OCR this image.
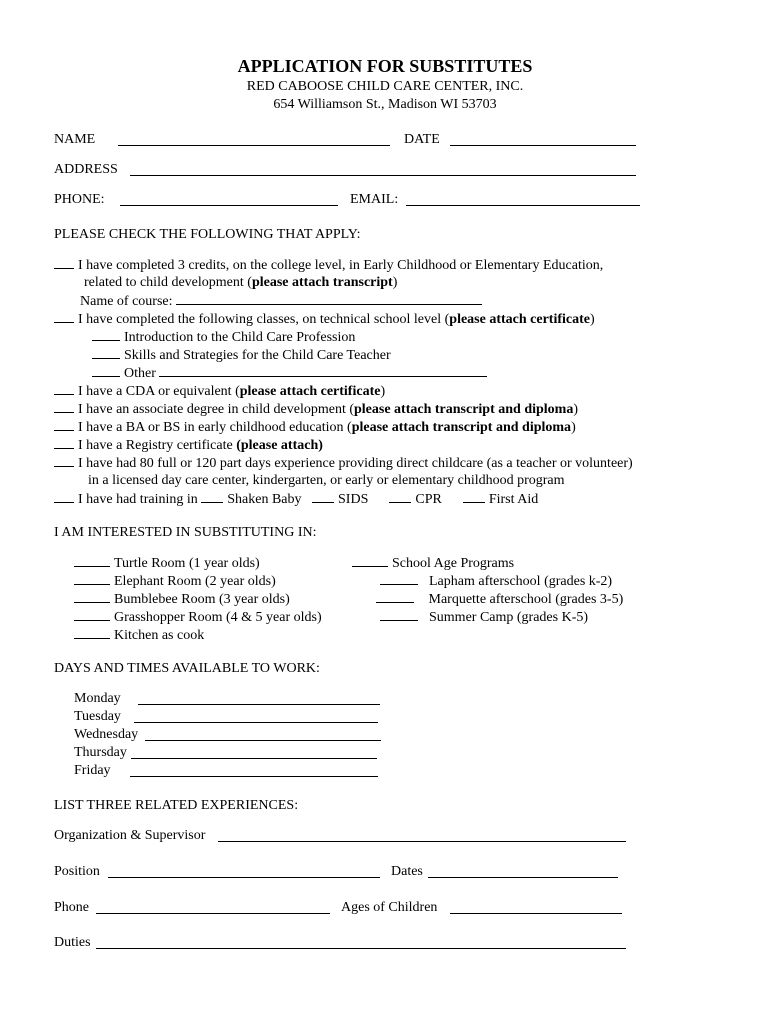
APPLICATION FOR SUBSTITUTES
RED CABOOSE CHILD CARE CENTER, INC.
654 Williamson St., Madison WI 53703
NAME	DATE
ADDRESS
PHONE:	EMAIL:
PLEASE CHECK THE FOLLOWING THAT APPLY:
I have completed 3 credits, on the college level, in Early Childhood or Elementary Education,
related to child development (please attach transcript)
Name of course:
I have completed the following classes, on technical school level (please attach certificate)
Introduction to the Child Care Profession
Skills and Strategies for the Child Care Teacher
Other
I have a CDA or equivalent (please attach certificate)
I have an associate degree in child development (please attach transcript and diploma)
I have a BA or BS in early childhood education (please attach transcript and diploma)
I have a Registry certificate (please attach)
I have had 80 full or 120 part days experience providing direct childcare (as a teacher or volunteer)
in a licensed day care center, kindergarten, or early or elementary childhood program
I have had training in Shaken Baby	SIDS	CPR	First Aid
I AM INTERESTED IN SUBSTITUTING IN:
Turtle Room (1 year olds)
Elephant Room (2 year olds)
Bumblebee Room (3 year olds)
Grasshopper Room (4 & 5 year olds)
Kitchen as cook
School Age Programs
Lapham afterschool (grades k-2)
Marquette afterschool (grades 3-5)
Summer Camp (grades K-5)
DAYS AND TIMES AVAILABLE TO WORK:
Monday
Tuesday
Wednesday
Thursday
Friday
LIST THREE RELATED EXPERIENCES:
Organization & Supervisor
Position	Dates
Phone	Ages of Children
Duties
